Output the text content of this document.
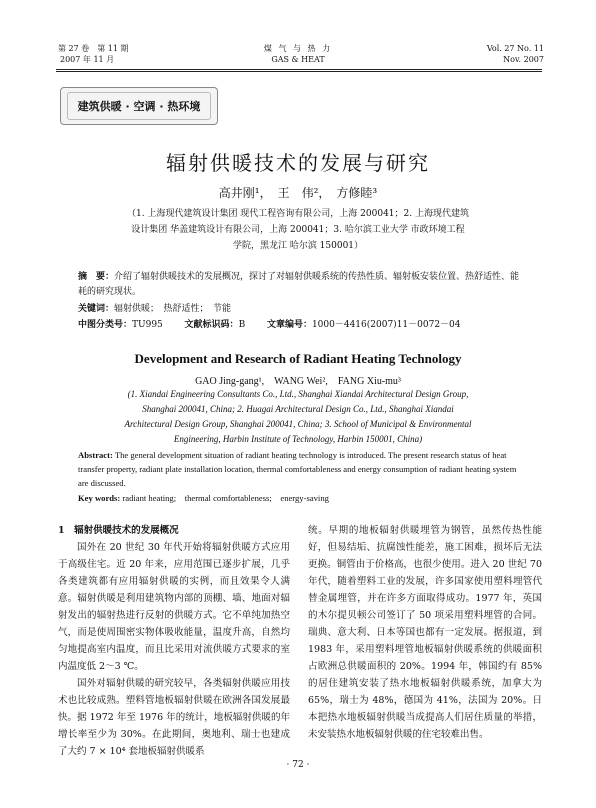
第 27 卷　第 11 期
2007 年 11 月
煤 气 与 热 力
GAS & HEAT
Vol. 27 No. 11
Nov. 2007
建筑供暖 · 空调 · 热环境
辐射供暖技术的发展与研究
高井刚¹，　王　伟²，　方修睦³
（1. 上海现代建筑设计集团 现代工程咨询有限公司，上海 200041；2. 上海现代建筑
设计集团 华盖建筑设计有限公司，上海 200041；3. 哈尔滨工业大学 市政环境工程
学院，黑龙江 哈尔滨 150001）
摘　要：介绍了辐射供暖技术的发展概况，探讨了对辐射供暖系统的传热性质、辐射板安装位置、热舒适性、能耗的研究现状。
关键词：辐射供暖；　热舒适性；　节能
中图分类号：TU995 文献标识码：B 文章编号：1000－4416(2007)11－0072－04
Development and Research of Radiant Heating Technology
GAO Jing-gang¹,　WANG Wei²,　FANG Xiu-mu³
(1. Xiandai Engineering Consultants Co., Ltd., Shanghai Xiandai Architectural Design Group,
Shanghai 200041, China; 2. Huagai Architectural Design Co., Ltd., Shanghai Xiandai
Architectural Design Group, Shanghai 200041, China; 3. School of Municipal & Environmental
Engineering, Harbin Institute of Technology, Harbin 150001, China)
Abstract: The general development situation of radiant heating technology is introduced. The present research status of heat transfer property, radiant plate installation location, thermal comfortableness and energy consumption of radiant heating system are discussed.
Key words: radiant heating;　thermal comfortableness;　energy-saving
1　辐射供暖技术的发展概况

国外在 20 世纪 30 年代开始将辐射供暖方式应用于高级住宅。近 20 年来，应用范围已逐步扩展，几乎各类建筑都有应用辐射供暖的实例，而且效果令人满意。辐射供暖是利用建筑物内部的顶棚、墙、地面对辐射发出的辐射热进行反射的供暖方式。它不单纯加热空气，而是使周围密实物体吸收能量，温度升高，自然均匀地提高室内温度，而且比采用对流供暖方式要求的室内温度低 2～3 ℃。

国外对辐射供暖的研究较早，各类辐射供暖应用技术也比较成熟。塑料管地板辐射供暖在欧洲各国发展最快。据 1972 年至 1976 年的统计，地板辐射供暖的年增长率至少为 30%。在此期间，奥地利、瑞士也建成了大约 7 × 10⁴ 套地板辐射供暖系

统。早期的地板辐射供暖埋管为钢管，虽然传热性能好，但易结垢、抗腐蚀性能差，施工困难，损坏后无法更换。铜管由于价格高，也很少使用。进入 20 世纪 70 年代，随着塑料工业的发展，许多国家使用塑料埋管代替金属埋管，并在许多方面取得成功。1977 年，英国的木尔提贝顿公司签订了 50 项采用塑料埋管的合同。瑞典、意大利、日本等国也都有一定发展。据报道，到 1983 年，采用塑料埋管地板辐射供暖系统的供暖面积占欧洲总供暖面积的 20%。1994 年，韩国约有 85% 的居住建筑安装了热水地板辐射供暖系统，加拿大为 65%，瑞士为 48%，德国为 41%，法国为 20%。日本把热水地板辐射供暖当成提高人们居住质量的举措，未安装热水地板辐射供暖的住宅较难出售。

· 72 ·
